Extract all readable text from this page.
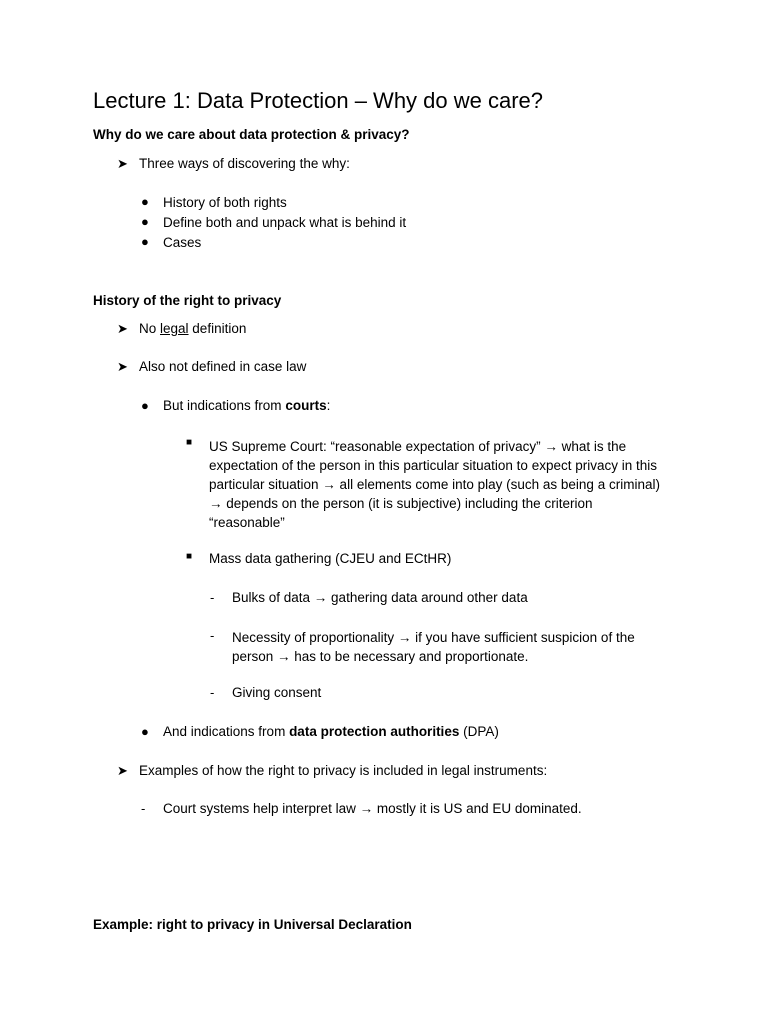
Lecture 1: Data Protection – Why do we care?
Why do we care about data protection & privacy?
➤ Three ways of discovering the why:
● History of both rights
● Define both and unpack what is behind it
● Cases
History of the right to privacy
➤ No legal definition
➤ Also not defined in case law
● But indications from courts:
■ US Supreme Court: “reasonable expectation of privacy” → what is the expectation of the person in this particular situation to expect privacy in this particular situation → all elements come into play (such as being a criminal) → depends on the person (it is subjective) including the criterion “reasonable”
■ Mass data gathering (CJEU and ECtHR)
- Bulks of data → gathering data around other data
- Necessity of proportionality → if you have sufficient suspicion of the person → has to be necessary and proportionate.
- Giving consent
● And indications from data protection authorities (DPA)
➤ Examples of how the right to privacy is included in legal instruments:
- Court systems help interpret law → mostly it is US and EU dominated.
Example: right to privacy in Universal Declaration
